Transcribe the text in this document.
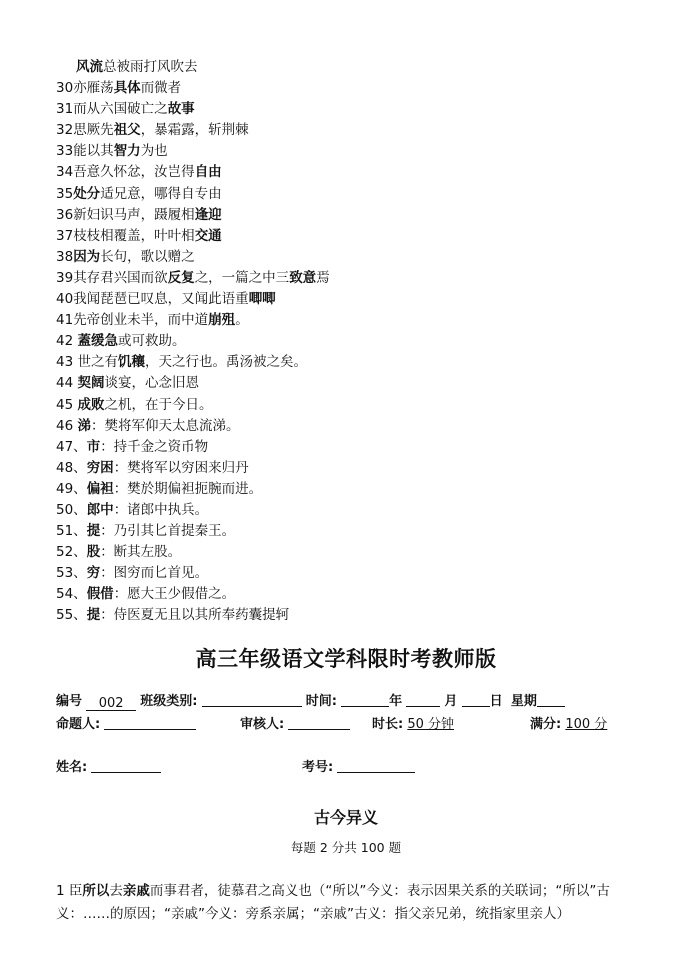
风流总被雨打风吹去
30亦雁荡具体而微者
31而从六国破亡之故事
32思厥先祖父，暴霜露，斩荆棘
33能以其智力为也
34吾意久怀忿，汝岂得自由
35处分适兄意，哪得自专由
36新妇识马声，蹑履相逢迎
37枝枝相覆盖，叶叶相交通
38因为长句，歌以赠之
39其存君兴国而欲反复之，一篇之中三致意焉
40我闻琵琶已叹息，又闻此语重唧唧
41先帝创业未半，而中道崩殂。
42 蓋缓急或可救助。
43 世之有饥穰，天之行也。禹汤被之矣。
44 契阔谈宴，心念旧恩
45 成败之机，在于今日。
46 涕：樊将军仰天太息流涕。
47、市：持千金之资币物
48、穷困：樊将军以穷困来归丹
49、偏袒：樊於期偏袒扼腕而进。
50、郎中：诸郎中执兵。
51、提：乃引其匕首提秦王。
52、股：断其左股。
53、穷：图穷而匕首见。
54、假借：愿大王少假借之。
55、提：侍医夏无且以其所奉药囊提轲
高三年级语文学科限时考教师版
编号 002 班级类别:	时间:	年	月 日 星期
命题人:	审核人:	时长: 50 分钟	满分: 100 分
姓名:	考号:
古今异义
每题 2 分共 100 题
1 臣所以去亲戚而事君者，徒慕君之高义也（“所以”今义：表示因果关系的关联词；“所以”古义：……的原因；“亲戚”今义：旁系亲属；“亲戚”古义：指父亲兄弟，统指家里亲人）
